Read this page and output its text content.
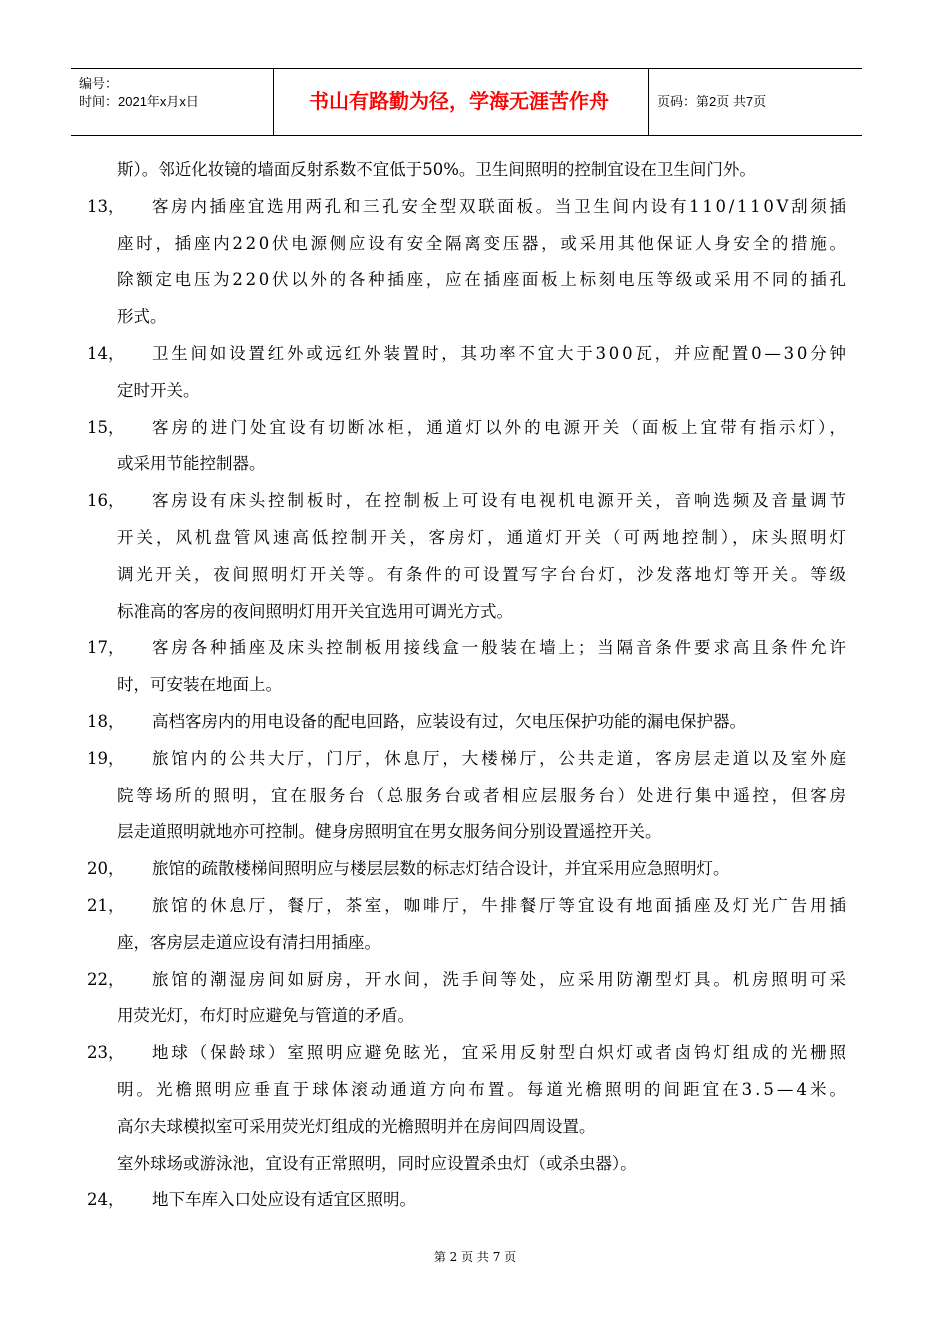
编号：
时间：2021年x月x日	书山有路勤为径，学海无涯苦作舟	页码：第2页 共7页
斯）。邻近化妆镜的墙面反射系数不宜低于50%。卫生间照明的控制宜设在卫生间门外。
13， 客房内插座宜选用两孔和三孔安全型双联面板。当卫生间内设有110/110V刮须插
座时，插座内220伏电源侧应设有安全隔离变压器，或采用其他保证人身安全的措施。
除额定电压为220伏以外的各种插座，应在插座面板上标刻电压等级或采用不同的插孔
形式。
14， 卫生间如设置红外或远红外装置时，其功率不宜大于300瓦，并应配置0—30分钟
定时开关。
15， 客房的进门处宜设有切断冰柜，通道灯以外的电源开关（面板上宜带有指示灯），
或采用节能控制器。
16， 客房设有床头控制板时，在控制板上可设有电视机电源开关，音响选频及音量调节
开关，风机盘管风速高低控制开关，客房灯，通道灯开关（可两地控制），床头照明灯
调光开关，夜间照明灯开关等。有条件的可设置写字台台灯，沙发落地灯等开关。等级
标准高的客房的夜间照明灯用开关宜选用可调光方式。
17， 客房各种插座及床头控制板用接线盒一般装在墙上；当隔音条件要求高且条件允许
时，可安装在地面上。
18， 高档客房内的用电设备的配电回路，应装设有过，欠电压保护功能的漏电保护器。
19， 旅馆内的公共大厅，门厅，休息厅，大楼梯厅，公共走道，客房层走道以及室外庭
院等场所的照明，宜在服务台（总服务台或者相应层服务台）处进行集中遥控，但客房
层走道照明就地亦可控制。健身房照明宜在男女服务间分别设置遥控开关。
20， 旅馆的疏散楼梯间照明应与楼层层数的标志灯结合设计，并宜采用应急照明灯。
21， 旅馆的休息厅，餐厅，茶室，咖啡厅，牛排餐厅等宜设有地面插座及灯光广告用插
座，客房层走道应设有清扫用插座。
22， 旅馆的潮湿房间如厨房，开水间，洗手间等处，应采用防潮型灯具。机房照明可采
用荧光灯，布灯时应避免与管道的矛盾。
23， 地球（保龄球）室照明应避免眩光，宜采用反射型白炽灯或者卤钨灯组成的光栅照
明。光檐照明应垂直于球体滚动通道方向布置。每道光檐照明的间距宜在3.5—4米。
高尔夫球模拟室可采用荧光灯组成的光檐照明并在房间四周设置。
室外球场或游泳池，宜设有正常照明，同时应设置杀虫灯（或杀虫器）。
24， 地下车库入口处应设有适宜区照明。
第 2 页 共 7 页
